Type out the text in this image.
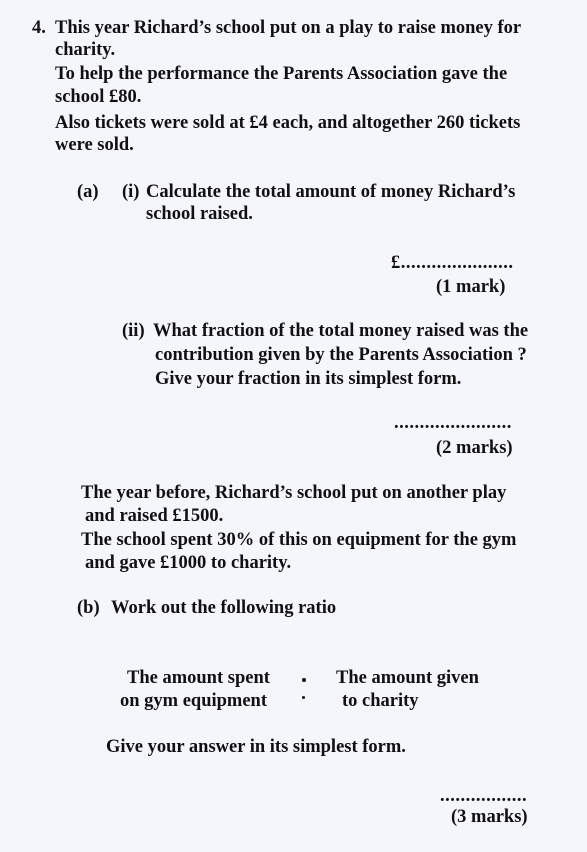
4. This year Richard’s school put on a play to raise money for
charity.
To help the performance the Parents Association gave the
school £80.
Also tickets were sold at £4 each, and altogether 260 tickets
were sold.
(a) (i) Calculate the total amount of money Richard’s
school raised.
£......................
(1 mark)
(ii) What fraction of the total money raised was the
contribution given by the Parents Association ?
Give your fraction in its simplest form.
.......................
(2 marks)
The year before, Richard’s school put on another play
and raised £1500.
The school spent 30% of this on equipment for the gym
and gave £1000 to charity.
(b) Work out the following ratio
The amount spent
on gym equipment
The amount given
to charity
Give your answer in its simplest form.
.................
(3 marks)
